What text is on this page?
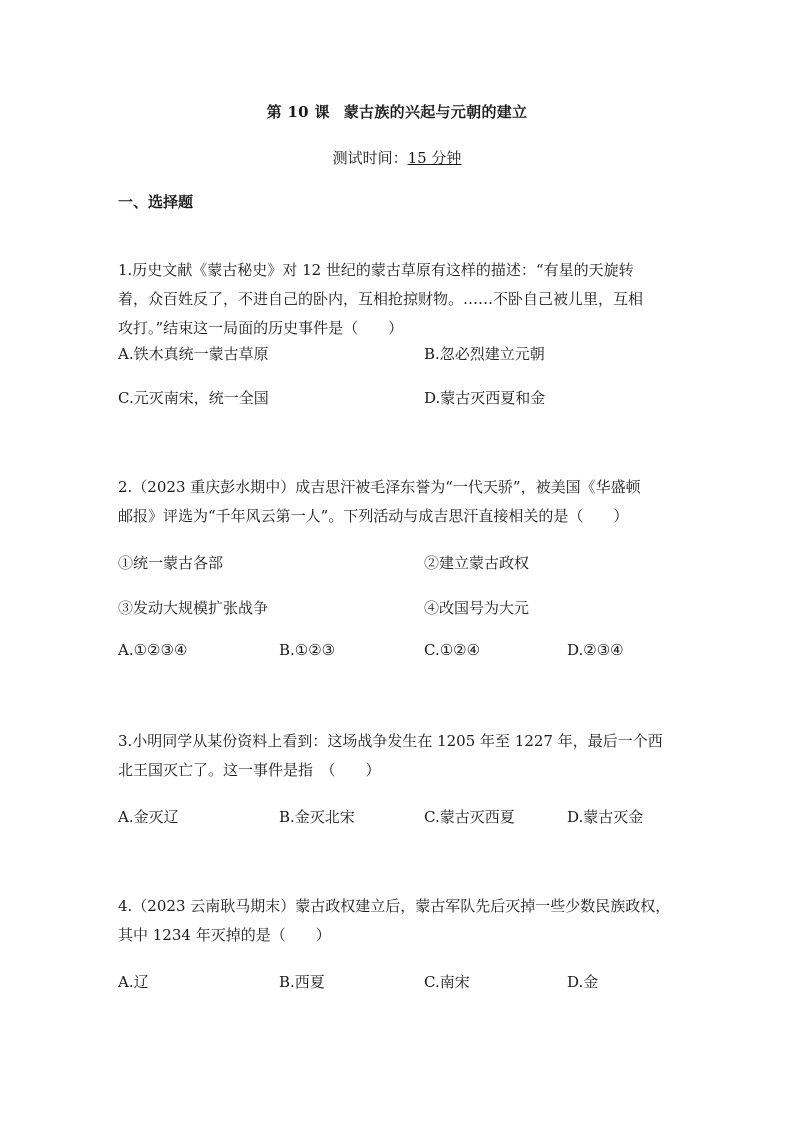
第 10 课 蒙古族的兴起与元朝的建立
测试时间：15 分钟
一、选择题
1.历史文献《蒙古秘史》对 12 世纪的蒙古草原有这样的描述：“有星的天旋转
着，众百姓反了，不进自己的卧内，互相抢掠财物。……不卧自己被儿里，互相
攻打。”结束这一局面的历史事件是（　　）
A.铁木真统一蒙古草原	B.忽必烈建立元朝
C.元灭南宋，统一全国	D.蒙古灭西夏和金
2.（2023 重庆彭水期中）成吉思汗被毛泽东誉为“一代天骄”，被美国《华盛顿
邮报》评选为“千年风云第一人”。下列活动与成吉思汗直接相关的是（　　）
①统一蒙古各部	②建立蒙古政权
③发动大规模扩张战争	④改国号为大元
A.①②③④	B.①②③	C.①②④	D.②③④
3.小明同学从某份资料上看到：这场战争发生在 1205 年至 1227 年，最后一个西
北王国灭亡了。这一事件是指　（　　）
A.金灭辽	B.金灭北宋	C.蒙古灭西夏	D.蒙古灭金
4.（2023 云南耿马期末）蒙古政权建立后，蒙古军队先后灭掉一些少数民族政权，
其中 1234 年灭掉的是（　　）
A.辽	B.西夏	C.南宋	D.金
